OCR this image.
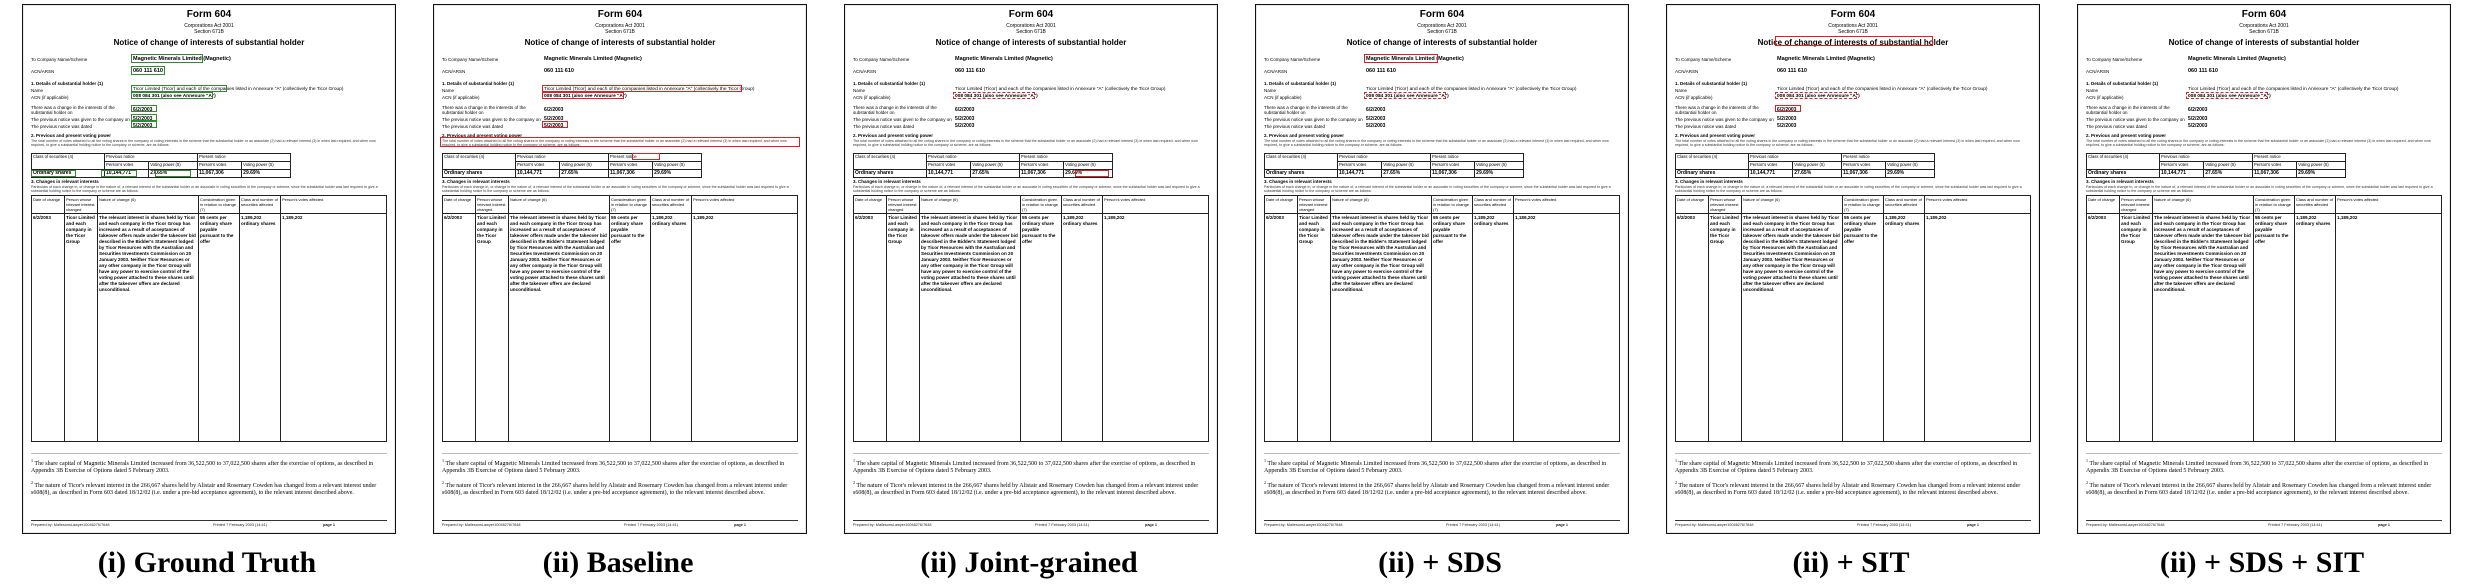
Form 604
Corporations Act 2001
Section 671B
Notice of change of interests of substantial holder
To Company Name/Scheme	Magnetic Minerals Limited (Magnetic)
ACN/ARSN	060 111 610
1. Details of substantial holder (1)
Name	Ticor Limited (Ticor) and each of the companies listed in Annexure "A" (collectively the Ticor Group)
ACN (if applicable)	008 084 301 (also see Annexure "A")
There was a change in the interests of the
substantial holder on	6/2/2003
The previous notice was given to the company on 5/2/2003
The previous notice was dated	5/2/2003
2. Previous and present voting power
The total number of votes attached to all the voting shares in the company or voting interests in the scheme that the substantial holder or an associate (2) had a relevant interest (3) in when last required, and when now required, to give a substantial holding notice to the company or scheme, are as follows:
Class of securities (4)	Previous notice		Present notice	
	Person's votes	Voting power (5)	Person's votes	Voting power (5)
Ordinary shares	10,144,771	27.65%	11,067,306	29.69%
3. Changes in relevant interests
Particulars of each change in, or change in the nature of, a relevant interest of the substantial holder or an associate in voting securities of the company or scheme, since the substantial holder was last required to give a substantial holding notice to the company or scheme are as follows:
Date of change	Person whose relevant interest changed	Nature of change (6)	Consideration given in relation to change (7)	Class and number of securities affected	Person's votes affected
6/2/2003	Ticor Limited and each company in the Ticor Group	The relevant interest in shares held by Ticor and each company in the Ticor Group has increased as a result of acceptances of takeover offers made under the takeover bid described in the Bidder's Statement lodged by Ticor Resources with the Australian and Securities Investments Commission on 20 January 2003. Neither Ticor Resources or any other company in the Ticor Group will have any power to exercise control of the voting power attached to these shares until after the takeover offers are declared unconditional.	55 cents per ordinary share payable pursuant to the offer	1,189,202 ordinary shares	1,189,202
$^1$ The share capital of Magnetic Minerals Limited increased from 36,522,500 to 37,022,500 shares after the exercise of options, as described in Appendix 3B Exercise of Options dated 5 February 2003.
$^2$ The nature of Ticor's relevant interest in the 266,667 shares held by Alistair and Rosemary Cowden has changed from a relevant interest under s608(8), as described in Form 603 dated 18/12/02 (i.e. under a pre-bid acceptance agreement), to the relevant interest described above.
Prepared by: MallesonsLawyer10046276/7648	Printed 7 February 2003 (14:41)	page 1
(i) Ground Truth
Form 604
Corporations Act 2001
Section 671B
Notice of change of interests of substantial holder
To Company Name/Scheme	Magnetic Minerals Limited (Magnetic)
ACN/ARSN	060 111 610
1. Details of substantial holder (1)
Name	Ticor Limited (Ticor) and each of the companies listed in Annexure "A" (collectively the Ticor Group)
ACN (if applicable)	008 084 301 (also see Annexure "A")
There was a change in the interests of the
substantial holder on	6/2/2003
The previous notice was given to the company on 5/2/2003
The previous notice was dated	5/2/2003
2. Previous and present voting power
The total number of votes attached to all the voting shares in the company or voting interests in the scheme that the substantial holder or an associate (2) had a relevant interest (3) in when last required, and when now required, to give a substantial holding notice to the company or scheme, are as follows:
Class of securities (4)	Previous notice		Present notice	
	Person's votes	Voting power (5)	Person's votes	Voting power (5)
Ordinary shares	10,144,771	27.65%	11,067,306	29.69%
3. Changes in relevant interests
Particulars of each change in, or change in the nature of, a relevant interest of the substantial holder or an associate in voting securities of the company or scheme, since the substantial holder was last required to give a substantial holding notice to the company or scheme are as follows:
Date of change	Person whose relevant interest changed	Nature of change (6)	Consideration given in relation to change (7)	Class and number of securities affected	Person's votes affected
6/2/2003	Ticor Limited and each company in the Ticor Group	The relevant interest in shares held by Ticor and each company in the Ticor Group has increased as a result of acceptances of takeover offers made under the takeover bid described in the Bidder's Statement lodged by Ticor Resources with the Australian and Securities Investments Commission on 20 January 2003. Neither Ticor Resources or any other company in the Ticor Group will have any power to exercise control of the voting power attached to these shares until after the takeover offers are declared unconditional.	55 cents per ordinary share payable pursuant to the offer	1,189,202 ordinary shares	1,189,202
$^1$ The share capital of Magnetic Minerals Limited increased from 36,522,500 to 37,022,500 shares after the exercise of options, as described in Appendix 3B Exercise of Options dated 5 February 2003.
$^2$ The nature of Ticor's relevant interest in the 266,667 shares held by Alistair and Rosemary Cowden has changed from a relevant interest under s608(8), as described in Form 603 dated 18/12/02 (i.e. under a pre-bid acceptance agreement), to the relevant interest described above.
Prepared by: MallesonsLawyer10046276/7648	Printed 7 February 2003 (14:41)	page 1
(ii) Baseline
Form 604
Corporations Act 2001
Section 671B
Notice of change of interests of substantial holder
To Company Name/Scheme	Magnetic Minerals Limited (Magnetic)
ACN/ARSN	060 111 610
1. Details of substantial holder (1)
Name	Ticor Limited (Ticor) and each of the companies listed in Annexure "A" (collectively the Ticor Group)
ACN (if applicable)	008 084 301 (also see Annexure "A")
There was a change in the interests of the
substantial holder on	6/2/2003
The previous notice was given to the company on 5/2/2003
The previous notice was dated	5/2/2003
2. Previous and present voting power
The total number of votes attached to all the voting shares in the company or voting interests in the scheme that the substantial holder or an associate (2) had a relevant interest (3) in when last required, and when now required, to give a substantial holding notice to the company or scheme, are as follows:
Class of securities (4)	Previous notice		Present notice	
	Person's votes	Voting power (5)	Person's votes	Voting power (5)
Ordinary shares	10,144,771	27.65%	11,067,306	29.69%
3. Changes in relevant interests
Particulars of each change in, or change in the nature of, a relevant interest of the substantial holder or an associate in voting securities of the company or scheme, since the substantial holder was last required to give a substantial holding notice to the company or scheme are as follows:
Date of change	Person whose relevant interest changed	Nature of change (6)	Consideration given in relation to change (7)	Class and number of securities affected	Person's votes affected
6/2/2003	Ticor Limited and each company in the Ticor Group	The relevant interest in shares held by Ticor and each company in the Ticor Group has increased as a result of acceptances of takeover offers made under the takeover bid described in the Bidder's Statement lodged by Ticor Resources with the Australian and Securities Investments Commission on 20 January 2003. Neither Ticor Resources or any other company in the Ticor Group will have any power to exercise control of the voting power attached to these shares until after the takeover offers are declared unconditional.	55 cents per ordinary share payable pursuant to the offer	1,189,202 ordinary shares	1,189,202
$^1$ The share capital of Magnetic Minerals Limited increased from 36,522,500 to 37,022,500 shares after the exercise of options, as described in Appendix 3B Exercise of Options dated 5 February 2003.
$^2$ The nature of Ticor's relevant interest in the 266,667 shares held by Alistair and Rosemary Cowden has changed from a relevant interest under s608(8), as described in Form 603 dated 18/12/02 (i.e. under a pre-bid acceptance agreement), to the relevant interest described above.
Prepared by: MallesonsLawyer10046276/7648	Printed 7 February 2003 (14:41)	page 1
(ii) Joint-grained
Form 604
Corporations Act 2001
Section 671B
Notice of change of interests of substantial holder
To Company Name/Scheme	Magnetic Minerals Limited (Magnetic)
ACN/ARSN	060 111 610
1. Details of substantial holder (1)
Name	Ticor Limited (Ticor) and each of the companies listed in Annexure "A" (collectively the Ticor Group)
ACN (if applicable)	008 084 301 (also see Annexure "A")
There was a change in the interests of the
substantial holder on	6/2/2003
The previous notice was given to the company on 5/2/2003
The previous notice was dated	5/2/2003
2. Previous and present voting power
The total number of votes attached to all the voting shares in the company or voting interests in the scheme that the substantial holder or an associate (2) had a relevant interest (3) in when last required, and when now required, to give a substantial holding notice to the company or scheme, are as follows:
Class of securities (4)	Previous notice		Present notice	
	Person's votes	Voting power (5)	Person's votes	Voting power (5)
Ordinary shares	10,144,771	27.65%	11,067,306	29.69%
3. Changes in relevant interests
Particulars of each change in, or change in the nature of, a relevant interest of the substantial holder or an associate in voting securities of the company or scheme, since the substantial holder was last required to give a substantial holding notice to the company or scheme are as follows:
Date of change	Person whose relevant interest changed	Nature of change (6)	Consideration given in relation to change (7)	Class and number of securities affected	Person's votes affected
6/2/2003	Ticor Limited and each company in the Ticor Group	The relevant interest in shares held by Ticor and each company in the Ticor Group has increased as a result of acceptances of takeover offers made under the takeover bid described in the Bidder's Statement lodged by Ticor Resources with the Australian and Securities Investments Commission on 20 January 2003. Neither Ticor Resources or any other company in the Ticor Group will have any power to exercise control of the voting power attached to these shares until after the takeover offers are declared unconditional.	55 cents per ordinary share payable pursuant to the offer	1,189,202 ordinary shares	1,189,202
$^1$ The share capital of Magnetic Minerals Limited increased from 36,522,500 to 37,022,500 shares after the exercise of options, as described in Appendix 3B Exercise of Options dated 5 February 2003.
$^2$ The nature of Ticor's relevant interest in the 266,667 shares held by Alistair and Rosemary Cowden has changed from a relevant interest under s608(8), as described in Form 603 dated 18/12/02 (i.e. under a pre-bid acceptance agreement), to the relevant interest described above.
Prepared by: MallesonsLawyer10046276/7648	Printed 7 February 2003 (14:41)	page 1
(ii) + SDS
Form 604
Corporations Act 2001
Section 671B
Notice of change of interests of substantial holder
To Company Name/Scheme	Magnetic Minerals Limited (Magnetic)
ACN/ARSN	060 111 610
1. Details of substantial holder (1)
Name	Ticor Limited (Ticor) and each of the companies listed in Annexure "A" (collectively the Ticor Group)
ACN (if applicable)	008 084 301 (also see Annexure "A")
There was a change in the interests of the
substantial holder on	6/2/2003
The previous notice was given to the company on 5/2/2003
The previous notice was dated	5/2/2003
2. Previous and present voting power
The total number of votes attached to all the voting shares in the company or voting interests in the scheme that the substantial holder or an associate (2) had a relevant interest (3) in when last required, and when now required, to give a substantial holding notice to the company or scheme, are as follows:
Class of securities (4)	Previous notice		Present notice	
	Person's votes	Voting power (5)	Person's votes	Voting power (5)
Ordinary shares	10,144,771	27.65%	11,067,306	29.69%
3. Changes in relevant interests
Particulars of each change in, or change in the nature of, a relevant interest of the substantial holder or an associate in voting securities of the company or scheme, since the substantial holder was last required to give a substantial holding notice to the company or scheme are as follows:
Date of change	Person whose relevant interest changed	Nature of change (6)	Consideration given in relation to change (7)	Class and number of securities affected	Person's votes affected
6/2/2003	Ticor Limited and each company in the Ticor Group	The relevant interest in shares held by Ticor and each company in the Ticor Group has increased as a result of acceptances of takeover offers made under the takeover bid described in the Bidder's Statement lodged by Ticor Resources with the Australian and Securities Investments Commission on 20 January 2003. Neither Ticor Resources or any other company in the Ticor Group will have any power to exercise control of the voting power attached to these shares until after the takeover offers are declared unconditional.	55 cents per ordinary share payable pursuant to the offer	1,189,202 ordinary shares	1,189,202
$^1$ The share capital of Magnetic Minerals Limited increased from 36,522,500 to 37,022,500 shares after the exercise of options, as described in Appendix 3B Exercise of Options dated 5 February 2003.
$^2$ The nature of Ticor's relevant interest in the 266,667 shares held by Alistair and Rosemary Cowden has changed from a relevant interest under s608(8), as described in Form 603 dated 18/12/02 (i.e. under a pre-bid acceptance agreement), to the relevant interest described above.
Prepared by: MallesonsLawyer10046276/7648	Printed 7 February 2003 (14:41)	page 1
(ii) + SIT
Form 604
Corporations Act 2001
Section 671B
Notice of change of interests of substantial holder
To Company Name/Scheme	Magnetic Minerals Limited (Magnetic)
ACN/ARSN	060 111 610
1. Details of substantial holder (1)
Name	Ticor Limited (Ticor) and each of the companies listed in Annexure "A" (collectively the Ticor Group)
ACN (if applicable)	008 084 301 (also see Annexure "A")
There was a change in the interests of the
substantial holder on	6/2/2003
The previous notice was given to the company on 5/2/2003
The previous notice was dated	5/2/2003
2. Previous and present voting power
The total number of votes attached to all the voting shares in the company or voting interests in the scheme that the substantial holder or an associate (2) had a relevant interest (3) in when last required, and when now required, to give a substantial holding notice to the company or scheme, are as follows:
Class of securities (4)	Previous notice		Present notice	
	Person's votes	Voting power (5)	Person's votes	Voting power (5)
Ordinary shares	10,144,771	27.65%	11,067,306	29.69%
3. Changes in relevant interests
Particulars of each change in, or change in the nature of, a relevant interest of the substantial holder or an associate in voting securities of the company or scheme, since the substantial holder was last required to give a substantial holding notice to the company or scheme are as follows:
Date of change	Person whose relevant interest changed	Nature of change (6)	Consideration given in relation to change (7)	Class and number of securities affected	Person's votes affected
6/2/2003	Ticor Limited and each company in the Ticor Group	The relevant interest in shares held by Ticor and each company in the Ticor Group has increased as a result of acceptances of takeover offers made under the takeover bid described in the Bidder's Statement lodged by Ticor Resources with the Australian and Securities Investments Commission on 20 January 2003. Neither Ticor Resources or any other company in the Ticor Group will have any power to exercise control of the voting power attached to these shares until after the takeover offers are declared unconditional.	55 cents per ordinary share payable pursuant to the offer	1,189,202 ordinary shares	1,189,202
$^1$ The share capital of Magnetic Minerals Limited increased from 36,522,500 to 37,022,500 shares after the exercise of options, as described in Appendix 3B Exercise of Options dated 5 February 2003.
$^2$ The nature of Ticor's relevant interest in the 266,667 shares held by Alistair and Rosemary Cowden has changed from a relevant interest under s608(8), as described in Form 603 dated 18/12/02 (i.e. under a pre-bid acceptance agreement), to the relevant interest described above.
Prepared by: MallesonsLawyer10046276/7648	Printed 7 February 2003 (14:41)	page 1
(ii) + SDS + SIT
